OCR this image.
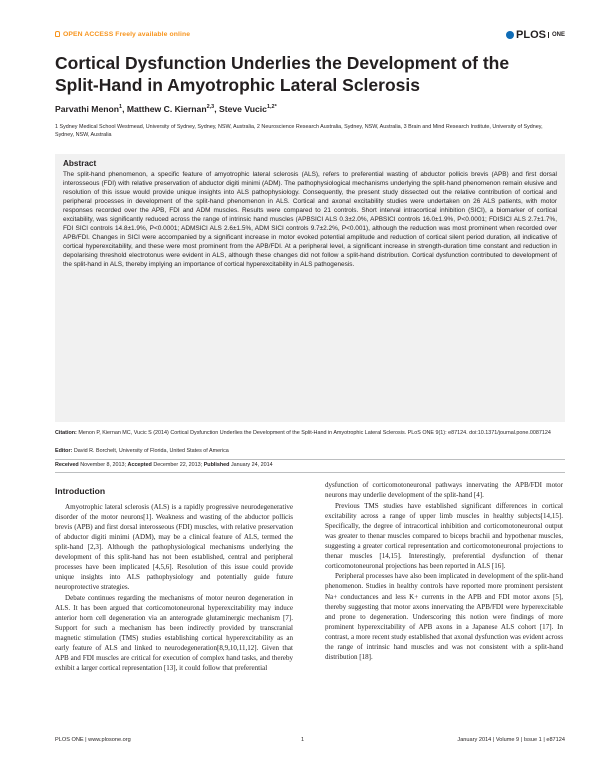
OPEN ACCESS Freely available online	PLOS ONE
Cortical Dysfunction Underlies the Development of the Split-Hand in Amyotrophic Lateral Sclerosis
Parvathi Menon$^1$, Matthew C. Kiernan$^{2,3}$, Steve Vucic$^{1,2*}$
1 Sydney Medical School Westmead, University of Sydney, Sydney, NSW, Australia, 2 Neuroscience Research Australia, Sydney, NSW, Australia, 3 Brain and Mind Research Institute, University of Sydney, Sydney, NSW, Australia
Abstract
The split-hand phenomenon, a specific feature of amyotrophic lateral sclerosis (ALS), refers to preferential wasting of abductor pollicis brevis (APB) and first dorsal interosseous (FDI) with relative preservation of abductor digiti minimi (ADM). The pathophysiological mechanisms underlying the split-hand phenomenon remain elusive and resolution of this issue would provide unique insights into ALS pathophysiology. Consequently, the present study dissected out the relative contribution of cortical and peripheral processes in development of the split-hand phenomenon in ALS. Cortical and axonal excitability studies were undertaken on 26 ALS patients, with motor responses recorded over the APB, FDI and ADM muscles. Results were compared to 21 controls. Short interval intracortical inhibition (SICI), a biomarker of cortical excitability, was significantly reduced across the range of intrinsic hand muscles (APBSICI ALS 0.3±2.0%, APBSICI controls 16.0±1.9%, P<0.0001; FDISICI ALS 2.7±1.7%, FDI SICI controls 14.8±1.9%, P<0.0001; ADMSICI ALS 2.6±1.5%, ADM SICI controls 9.7±2.2%, P<0.001), although the reduction was most prominent when recorded over APB/FDI. Changes in SICI were accompanied by a significant increase in motor evoked potential amplitude and reduction of cortical silent period duration, all indicative of cortical hyperexcitability, and these were most prominent from the APB/FDI. At a peripheral level, a significant increase in strength-duration time constant and reduction in depolarising threshold electrotonus were evident in ALS, although these changes did not follow a split-hand distribution. Cortical dysfunction contributed to development of the split-hand in ALS, thereby implying an importance of cortical hyperexcitability in ALS pathogenesis.
Citation: Menon P, Kiernan MC, Vucic S (2014) Cortical Dysfunction Underlies the Development of the Split-Hand in Amyotrophic Lateral Sclerosis. PLoS ONE 9(1): e87124. doi:10.1371/journal.pone.0087124
Editor: David R. Borchelt, University of Florida, United States of America
Received November 8, 2013; Accepted December 22, 2013; Published January 24, 2014
Introduction

Amyotrophic lateral sclerosis (ALS) is a rapidly progressive neurodegenerative disorder of the motor neurons[1]. Weakness and wasting of the abductor pollicis brevis (APB) and first dorsal interosseous (FDI) muscles, with relative preservation of abductor digiti minimi (ADM), may be a clinical feature of ALS, termed the split-hand [2,3]. Although the pathophysiological mechanisms underlying the development of this split-hand has not been established, central and peripheral processes have been implicated [4,5,6]. Resolution of this issue could provide unique insights into ALS pathophysiology and potentially guide future neuroprotective strategies.

Debate continues regarding the mechanisms of motor neuron degeneration in ALS. It has been argued that corticomotoneuronal hyperexcitability may induce anterior horn cell degeneration via an anterograde glutaminergic mechanism [7]. Support for such a mechanism has been indirectly provided by transcranial magnetic stimulation (TMS) studies establishing cortical hyperexcitability as an early feature of ALS and linked to neurodegeneration[8,9,10,11,12]. Given that APB and FDI muscles are critical for execution of complex hand tasks, and thereby exhibit a larger cortical representation [13], it could follow that preferential

dysfunction of corticomotoneuronal pathways innervating the APB/FDI motor neurons may underlie development of the split-hand [4].

Previous TMS studies have established significant differences in cortical excitability across a range of upper limb muscles in healthy subjects[14,15]. Specifically, the degree of intracortical inhibition and corticomotoneuronal output was greater to thenar muscles compared to biceps brachii and hypothenar muscles, suggesting a greater cortical representation and corticomotoneuronal projections to thenar muscles [14,15]. Interestingly, preferential dysfunction of thenar corticomotoneuronal projections has been reported in ALS [16].

Peripheral processes have also been implicated in development of the split-hand phenomenon. Studies in healthy controls have reported more prominent persistent Na+ conductances and less K+ currents in the APB and FDI motor axons [5], thereby suggesting that motor axons innervating the APB/FDI were hyperexcitable and prone to degeneration. Underscoring this notion were findings of more prominent hyperexcitability of APB axons in a Japanese ALS cohort [17]. In contrast, a more recent study established that axonal dysfunction was evident across the range of intrinsic hand muscles and was not consistent with a split-hand distribution [18].

PLOS ONE | www.plosone.org	1	January 2014 | Volume 9 | Issue 1 | e87124
